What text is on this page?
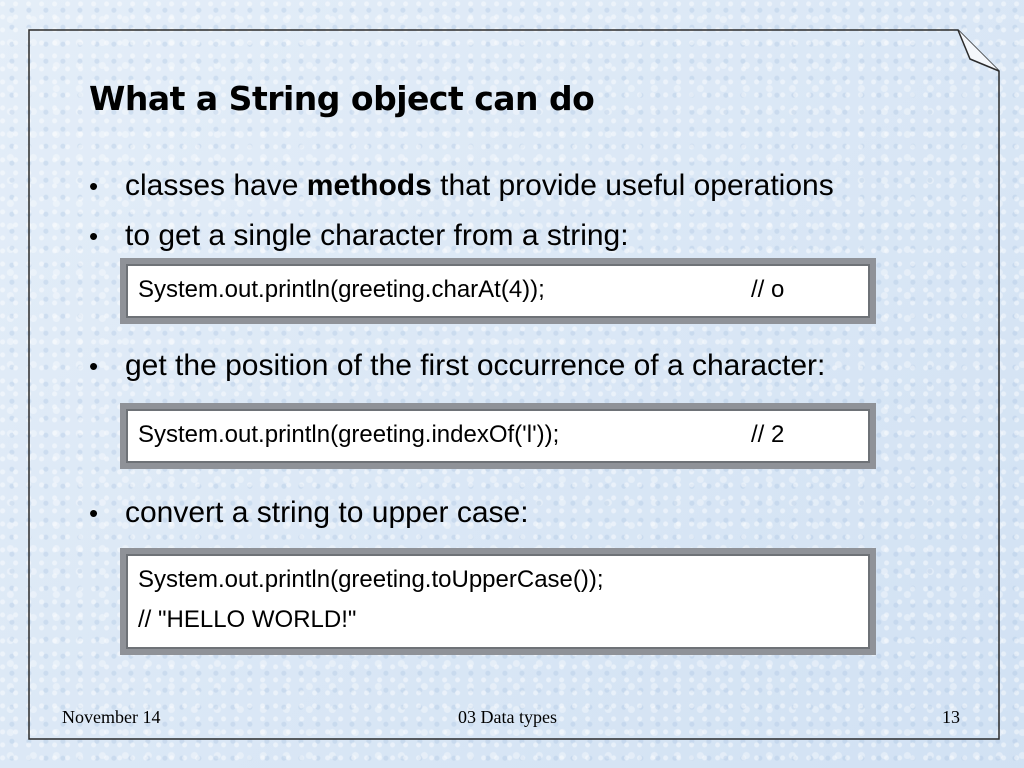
What a String object can do
• classes have methods that provide useful operations
• to get a single character from a string:
System.out.println(greeting.charAt(4));	// o
• get the position of the first occurrence of a character:
System.out.println(greeting.indexOf('l'));	// 2
• convert a string to upper case:
System.out.println(greeting.toUpperCase());
// "HELLO WORLD!"
November 14	03 Data types	13
